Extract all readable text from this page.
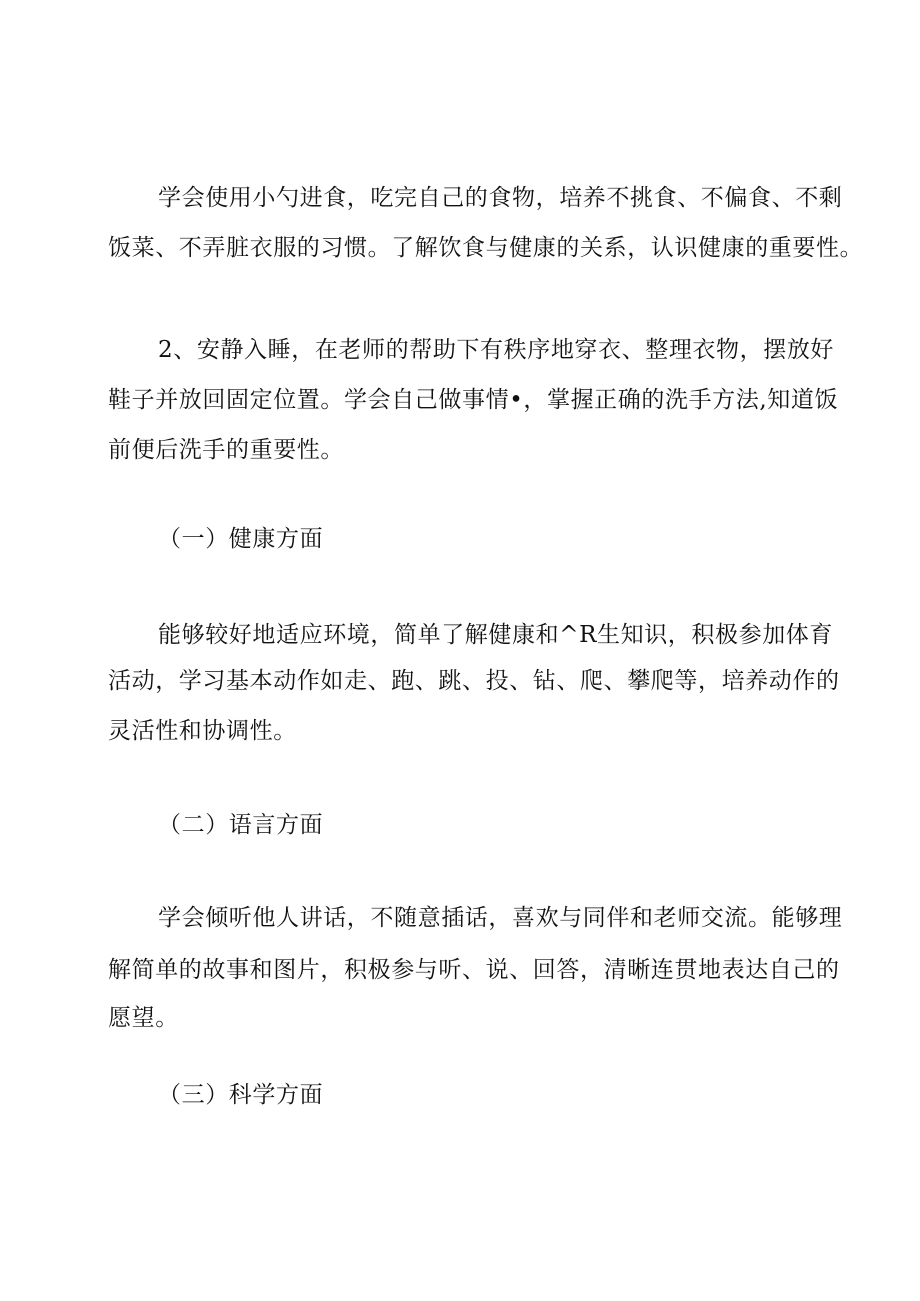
学会使用小勺进食，吃完自己的食物，培养不挑食、不偏食、不剩
饭菜、不弄脏衣服的习惯。了解饮食与健康的关系，认识健康的重要性。
2、安静入睡，在老师的帮助下有秩序地穿衣、整理衣物，摆放好
鞋子并放回固定位置。学会自己做事情•，掌握正确的洗手方法,知道饭
前便后洗手的重要性。
（一）健康方面
能够较好地适应环境，简单了解健康和^R生知识，积极参加体育
活动，学习基本动作如走、跑、跳、投、钻、爬、攀爬等，培养动作的
灵活性和协调性。
（二）语言方面
学会倾听他人讲话，不随意插话，喜欢与同伴和老师交流。能够理
解简单的故事和图片，积极参与听、说、回答，清晰连贯地表达自己的
愿望。
（三）科学方面
